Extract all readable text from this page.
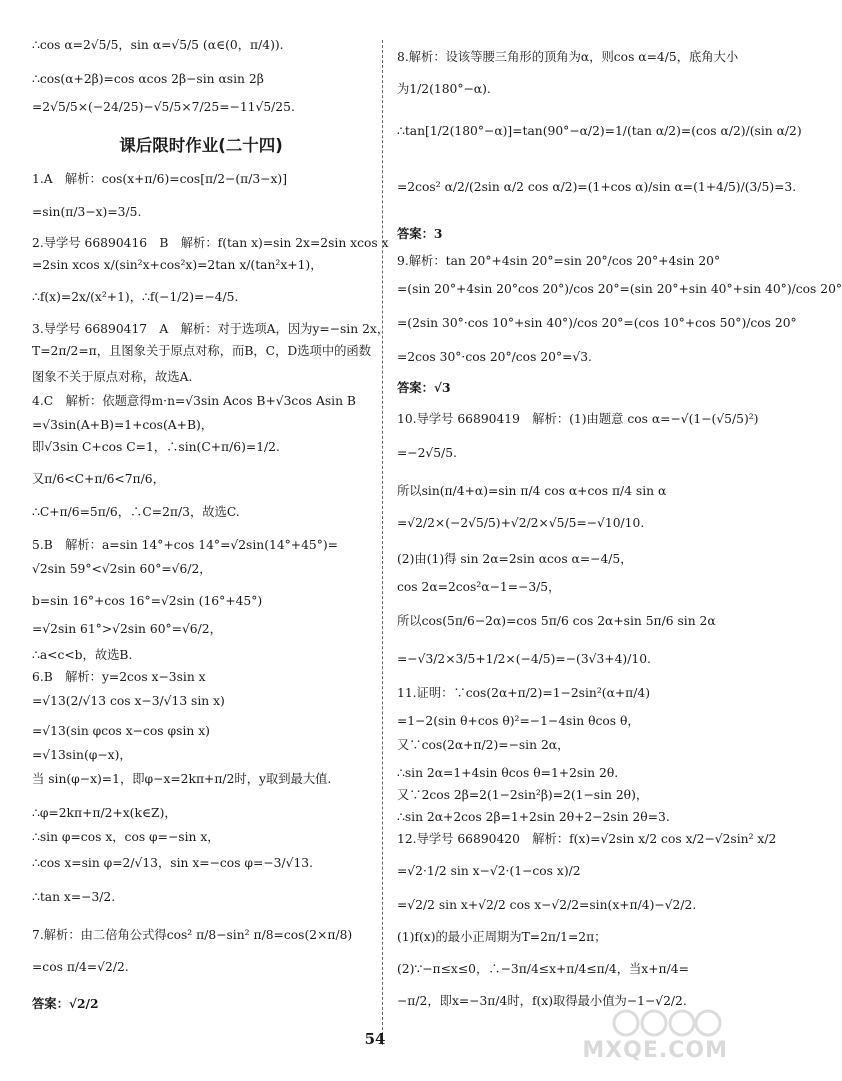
∴cos α=2√5/5，sin α=√5/5 (α∈(0，π/4)).
∴cos(α+2β)=cos αcos 2β−sin αsin 2β
=2√5/5×(−24/25)−√5/5×7/25=−11√5/25.
课后限时作业(二十四)
1.A　解析：cos(x+π/6)=cos[π/2−(π/3−x)]
=sin(π/3−x)=3/5.
2.导学号 66890416　B　解析：f(tan x)=sin 2x=2sin xcos x
=2sin xcos x/(sin²x+cos²x)=2tan x/(tan²x+1)，
∴f(x)=2x/(x²+1)，∴f(−1/2)=−4/5.
3.导学号 66890417　A　解析：对于选项A，因为y=−sin 2x，
T=2π/2=π，且图象关于原点对称，而B，C，D选项中的函数
图象不关于原点对称，故选A.
4.C　解析：依题意得m·n=√3sin Acos B+√3cos Asin B
=√3sin(A+B)=1+cos(A+B)，
即√3sin C+cos C=1，∴sin(C+π/6)=1/2.
又π/6<C+π/6<7π/6，
∴C+π/6=5π/6，∴C=2π/3，故选C.
5.B　解析：a=sin 14°+cos 14°=√2sin(14°+45°)=
√2sin 59°<√2sin 60°=√6/2，
b=sin 16°+cos 16°=√2sin (16°+45°)
=√2sin 61°>√2sin 60°=√6/2，
∴a<c<b，故选B.
6.B　解析：y=2cos x−3sin x
=√13(2/√13 cos x−3/√13 sin x)
=√13(sin φcos x−cos φsin x)
=√13sin(φ−x)，
当 sin(φ−x)=1，即φ−x=2kπ+π/2时，y取到最大值.
∴φ=2kπ+π/2+x(k∈Z)，
∴sin φ=cos x，cos φ=−sin x，
∴cos x=sin φ=2/√13，sin x=−cos φ=−3/√13.
∴tan x=−3/2.
7.解析：由二倍角公式得cos² π/8−sin² π/8=cos(2×π/8)
=cos π/4=√2/2.
答案：√2/2
8.解析：设该等腰三角形的顶角为α，则cos α=4/5，底角大小
为1/2(180°−α).
∴tan[1/2(180°−α)]=tan(90°−α/2)=1/(tan α/2)=(cos α/2)/(sin α/2)
=2cos² α/2/(2sin α/2 cos α/2)=(1+cos α)/sin α=(1+4/5)/(3/5)=3.
答案：3
9.解析：tan 20°+4sin 20°=sin 20°/cos 20°+4sin 20°
=(sin 20°+4sin 20°cos 20°)/cos 20°=(sin 20°+sin 40°+sin 40°)/cos 20°
=(2sin 30°·cos 10°+sin 40°)/cos 20°=(cos 10°+cos 50°)/cos 20°
=2cos 30°·cos 20°/cos 20°=√3.
答案：√3
10.导学号 66890419　解析：(1)由题意 cos α=−√(1−(√5/5)²)
=−2√5/5.
所以sin(π/4+α)=sin π/4 cos α+cos π/4 sin α
=√2/2×(−2√5/5)+√2/2×√5/5=−√10/10.
(2)由(1)得 sin 2α=2sin αcos α=−4/5，
cos 2α=2cos²α−1=−3/5，
所以cos(5π/6−2α)=cos 5π/6 cos 2α+sin 5π/6 sin 2α
=−√3/2×3/5+1/2×(−4/5)=−(3√3+4)/10.
11.证明：∵cos(2α+π/2)=1−2sin²(α+π/4)
=1−2(sin θ+cos θ)²=−1−4sin θcos θ，
又∵cos(2α+π/2)=−sin 2α，
∴sin 2α=1+4sin θcos θ=1+2sin 2θ.
又∵2cos 2β=2(1−2sin²β)=2(1−sin 2θ)，
∴sin 2α+2cos 2β=1+2sin 2θ+2−2sin 2θ=3.
12.导学号 66890420　解析：f(x)=√2sin x/2 cos x/2−√2sin² x/2
=√2·1/2 sin x−√2·(1−cos x)/2
=√2/2 sin x+√2/2 cos x−√2/2=sin(x+π/4)−√2/2.
(1)f(x)的最小正周期为T=2π/1=2π；
(2)∵−π≤x≤0，∴−3π/4≤x+π/4≤π/4，当x+π/4=
−π/2，即x=−3π/4时，f(x)取得最小值为−1−√2/2.
54	MXQE.COM
